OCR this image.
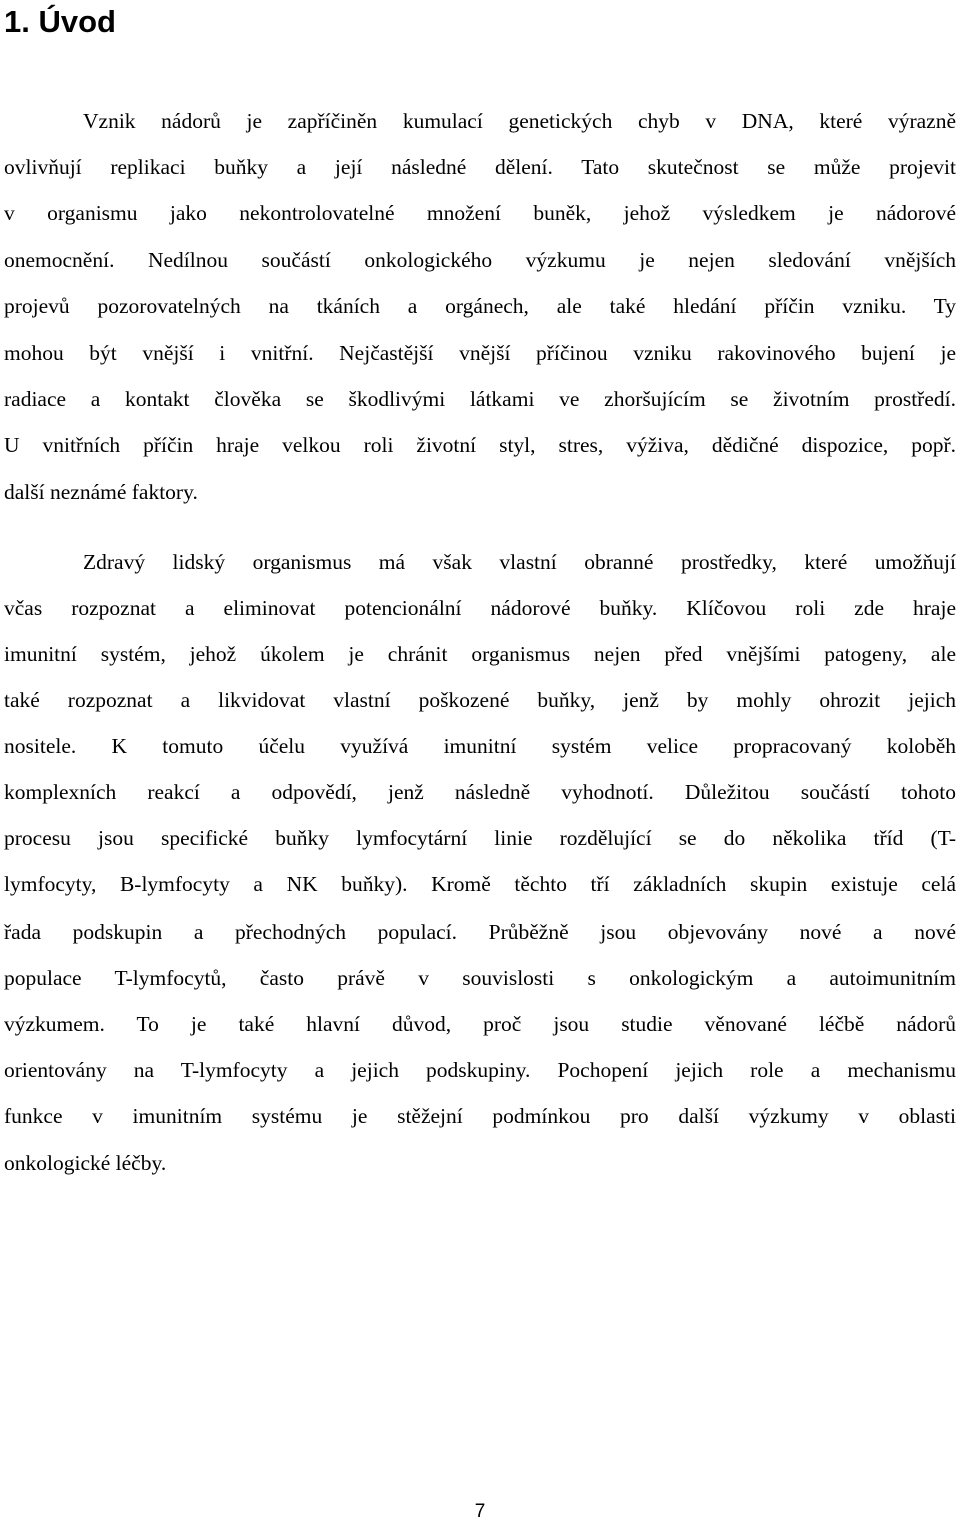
1. Úvod
Vznik nádorů je zapříčiněn kumulací genetických chyb v DNA, které výrazně
ovlivňují replikaci buňky a její následné dělení. Tato skutečnost se může projevit
v organismu jako nekontrolovatelné množení buněk, jehož výsledkem je nádorové
onemocnění. Nedílnou součástí onkologického výzkumu je nejen sledování vnějších
projevů pozorovatelných na tkáních a orgánech, ale také hledání příčin vzniku. Ty
mohou být vnější i vnitřní. Nejčastější vnější příčinou vzniku rakovinového bujení je
radiace a kontakt člověka se škodlivými látkami ve zhoršujícím se životním prostředí.
U vnitřních příčin hraje velkou roli životní styl, stres, výživa, dědičné dispozice, popř.
další neznámé faktory.
Zdravý lidský organismus má však vlastní obranné prostředky, které umožňují
včas rozpoznat a eliminovat potencionální nádorové buňky. Klíčovou roli zde hraje
imunitní systém, jehož úkolem je chránit organismus nejen před vnějšími patogeny, ale
také rozpoznat a likvidovat vlastní poškozené buňky, jenž by mohly ohrozit jejich
nositele. K tomuto účelu využívá imunitní systém velice propracovaný koloběh
komplexních reakcí a odpovědí, jenž následně vyhodnotí. Důležitou součástí tohoto
procesu jsou specifické buňky lymfocytární linie rozdělující se do několika tříd (T-
lymfocyty, B-lymfocyty a NK buňky). Kromě těchto tří základních skupin existuje celá
řada podskupin a přechodných populací. Průběžně jsou objevovány nové a nové
populace T-lymfocytů, často právě v souvislosti s onkologickým a autoimunitním
výzkumem. To je také hlavní důvod, proč jsou studie věnované léčbě nádorů
orientovány na T-lymfocyty a jejich podskupiny. Pochopení jejich role a mechanismu
funkce v imunitním systému je stěžejní podmínkou pro další výzkumy v oblasti
onkologické léčby.
7
